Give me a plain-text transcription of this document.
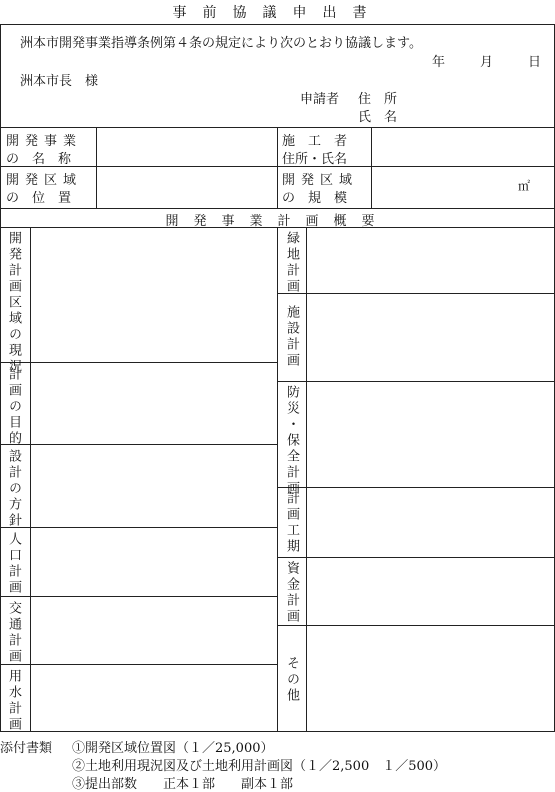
事前協議申出書
洲本市開発事業指導条例第４条の規定により次のとおり協議します。
年　　月　　日
洲本市長　様
申請者 住　所
氏　名
開発事業
の　名　称
施　工　者
住所・氏名
開発区域
の　位　置
開発区域
の　規　模
㎡
開発事業計画概要
開発計画区域の現況
計画の目的
設計の方針
人口計画
交通計画
用水計画
緑地計画
施設計画
防災・保全計画
計画工期
資金計画
その他
添付書類 ①開発区域位置図（１／25,000）
②土地利用現況図及び土地利用計画図（１／2,500　１／500）
③提出部数　　正本１部　　副本１部
